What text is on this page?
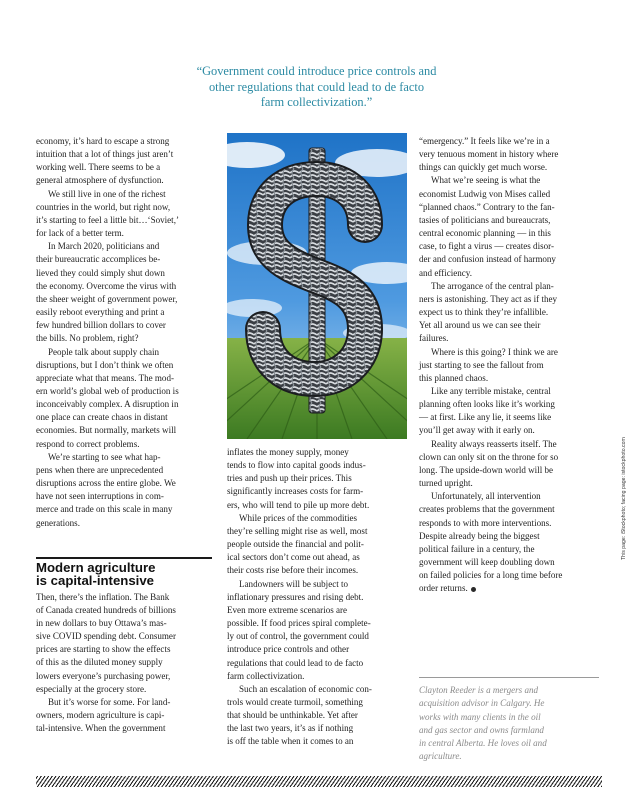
“Government could introduce price controls and
other regulations that could lead to de facto
farm collectivization.”

economy, it’s hard to escape a strong
intuition that a lot of things just aren’t
working well. There seems to be a
general atmosphere of dysfunction.

We still live in one of the richest
countries in the world, but right now,
it’s starting to feel a little bit…‘Soviet,’
for lack of a better term.

In March 2020, politicians and
their bureaucratic accomplices be-
lieved they could simply shut down
the economy. Overcome the virus with
the sheer weight of government power,
easily reboot everything and print a
few hundred billion dollars to cover
the bills. No problem, right?

People talk about supply chain
disruptions, but I don’t think we often
appreciate what that means. The mod-
ern world’s global web of production is
inconceivably complex. A disruption in
one place can create chaos in distant
economies. But normally, markets will
respond to correct problems.

We’re starting to see what hap-
pens when there are unprecedented
disruptions across the entire globe. We
have not seen interruptions in com-
merce and trade on this scale in many
generations.

Modern agriculture
is capital-intensive

Then, there’s the inflation. The Bank
of Canada created hundreds of billions
in new dollars to buy Ottawa’s mas-
sive COVID spending debt. Consumer
prices are starting to show the effects
of this as the diluted money supply
lowers everyone’s purchasing power,
especially at the grocery store.

But it’s worse for some. For land-
owners, modern agriculture is capi-
tal-intensive. When the government

inflates the money supply, money
tends to flow into capital goods indus-
tries and push up their prices. This
significantly increases costs for farm-
ers, who will tend to pile up more debt.

While prices of the commodities
they’re selling might rise as well, most
people outside the financial and polit-
ical sectors don’t come out ahead, as
their costs rise before their incomes.

Landowners will be subject to
inflationary pressures and rising debt.
Even more extreme scenarios are
possible. If food prices spiral complete-
ly out of control, the government could
introduce price controls and other
regulations that could lead to de facto
farm collectivization.

Such an escalation of economic con-
trols would create turmoil, something
that should be unthinkable. Yet after
the last two years, it’s as if nothing
is off the table when it comes to an

“emergency.” It feels like we’re in a
very tenuous moment in history where
things can quickly get much worse.

What we’re seeing is what the
economist Ludwig von Mises called
“planned chaos.” Contrary to the fan-
tasies of politicians and bureaucrats,
central economic planning — in this
case, to fight a virus — creates disor-
der and confusion instead of harmony
and efficiency.

The arrogance of the central plan-
ners is astonishing. They act as if they
expect us to think they’re infallible.
Yet all around us we can see their
failures.

Where is this going? I think we are
just starting to see the fallout from
this planned chaos.

Like any terrible mistake, central
planning often looks like it’s working
— at first. Like any lie, it seems like
you’ll get away with it early on.

Reality always reasserts itself. The
clown can only sit on the throne for so
long. The upside-down world will be
turned upright.

Unfortunately, all intervention
creates problems that the government
responds to with more interventions.
Despite already being the biggest
political failure in a century, the
government will keep doubling down
on failed policies for a long time before
order returns.

Clayton Reeder is a mergers and

acquisition advisor in Calgary. He

works with many clients in the oil

and gas sector and owns farmland

in central Alberta. He loves oil and

agriculture.

This page: iStockphoto; facing page: istockphoto.com
